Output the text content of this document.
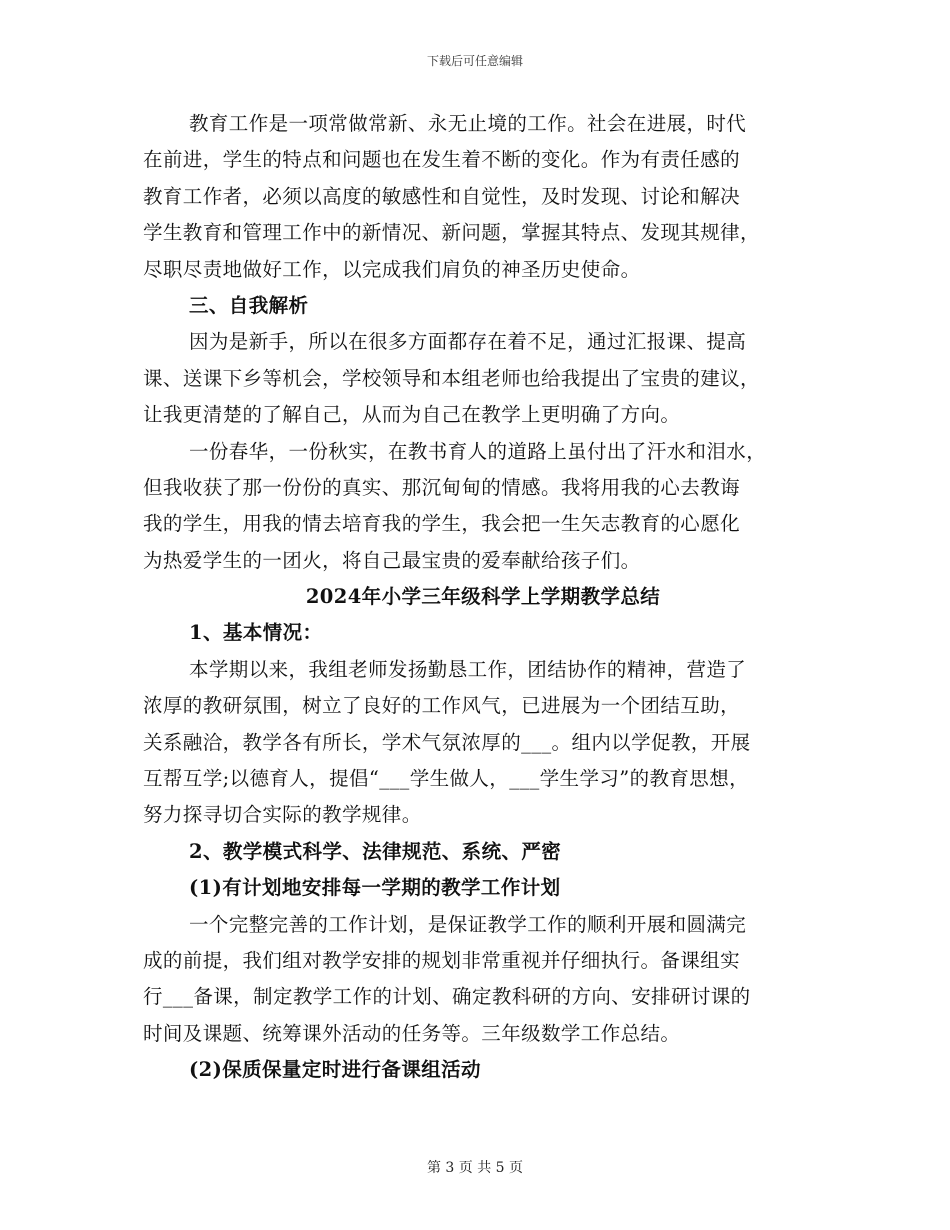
下载后可任意编辑
教育工作是一项常做常新、永无止境的工作。社会在进展，时代
在前进，学生的特点和问题也在发生着不断的变化。作为有责任感的
教育工作者，必须以高度的敏感性和自觉性，及时发现、讨论和解决
学生教育和管理工作中的新情况、新问题，掌握其特点、发现其规律，
尽职尽责地做好工作，以完成我们肩负的神圣历史使命。
三、自我解析
因为是新手，所以在很多方面都存在着不足，通过汇报课、提高
课、送课下乡等机会，学校领导和本组老师也给我提出了宝贵的建议，
让我更清楚的了解自己，从而为自己在教学上更明确了方向。
一份春华，一份秋实，在教书育人的道路上虽付出了汗水和泪水，
但我收获了那一份份的真实、那沉甸甸的情感。我将用我的心去教诲
我的学生，用我的情去培育我的学生，我会把一生矢志教育的心愿化
为热爱学生的一团火，将自己最宝贵的爱奉献给孩子们。
2024年小学三年级科学上学期教学总结
1、基本情况：
本学期以来，我组老师发扬勤恳工作，团结协作的精神，营造了
浓厚的教研氛围，树立了良好的工作风气，已进展为一个团结互助，
关系融洽，教学各有所长，学术气氛浓厚的___。组内以学促教，开展
互帮互学;以德育人，提倡“___学生做人，___学生学习”的教育思想，
努力探寻切合实际的教学规律。
2、教学模式科学、法律规范、系统、严密
(1)有计划地安排每一学期的教学工作计划
一个完整完善的工作计划，是保证教学工作的顺利开展和圆满完
成的前提，我们组对教学安排的规划非常重视并仔细执行。备课组实
行___备课，制定教学工作的计划、确定教科研的方向、安排研讨课的
时间及课题、统筹课外活动的任务等。三年级数学工作总结。
(2)保质保量定时进行备课组活动
第 3 页 共 5 页
